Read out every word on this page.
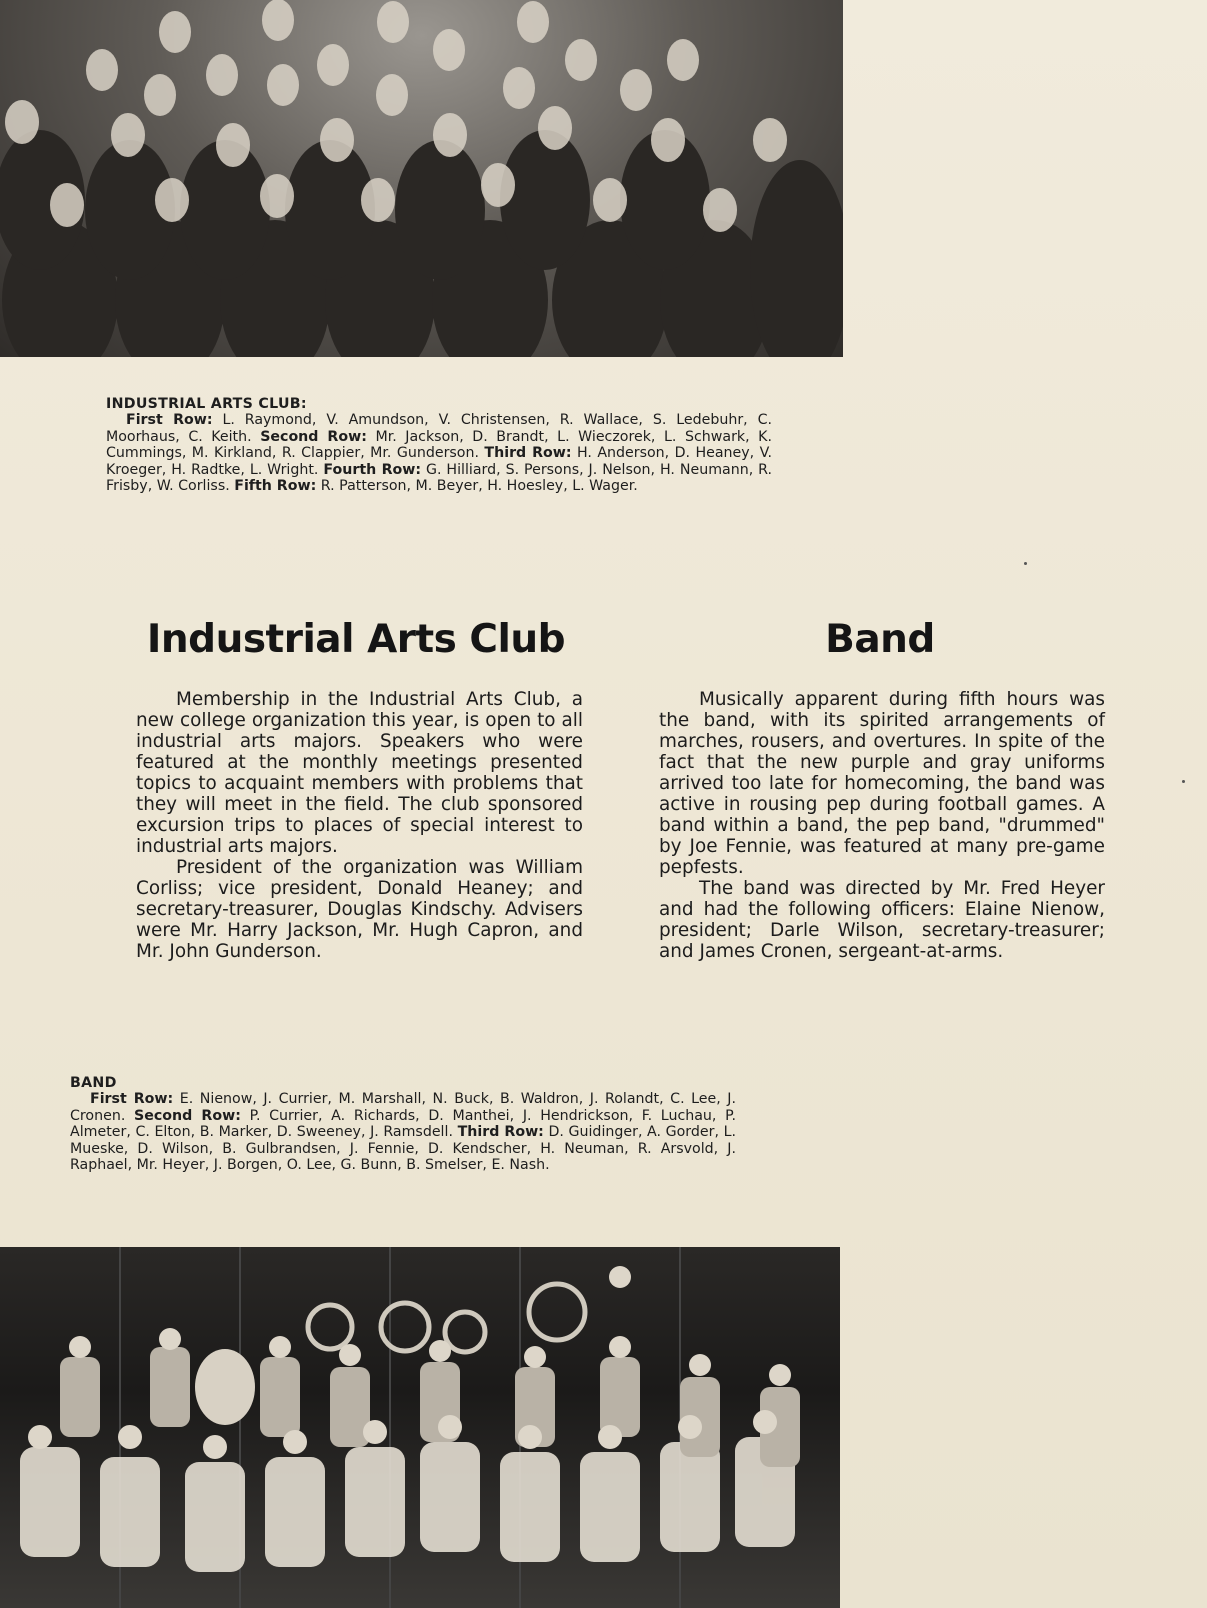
INDUSTRIAL ARTS CLUB:
First Row: L. Raymond, V. Amundson, V. Christensen, R. Wallace, S. Ledebuhr, C. Moorhaus, C. Keith. Second Row: Mr. Jackson, D. Brandt, L. Wieczorek, L. Schwark, K. Cummings, M. Kirkland, R. Clappier, Mr. Gunderson. Third Row: H. Anderson, D. Heaney, V. Kroeger, H. Radtke, L. Wright. Fourth Row: G. Hilliard, S. Persons, J. Nelson, H. Neumann, R. Frisby, W. Corliss. Fifth Row: R. Patterson, M. Beyer, H. Hoesley, L. Wager.
Industrial Arts Club	Band

Membership in the Industrial Arts Club, a new college organization this year, is open to all industrial arts majors. Speakers who were featured at the monthly meetings presented topics to acquaint members with problems that they will meet in the field. The club sponsored excursion trips to places of special interest to industrial arts majors.

President of the organization was William Corliss; vice president, Donald Heaney; and secretary-treasurer, Douglas Kindschy. Advisers were Mr. Harry Jackson, Mr. Hugh Capron, and Mr. John Gunderson.

Musically apparent during fifth hours was the band, with its spirited arrangements of marches, rousers, and overtures. In spite of the fact that the new purple and gray uniforms arrived too late for homecoming, the band was active in rousing pep during football games. A band within a band, the pep band, "drummed" by Joe Fennie, was featured at many pre-game pepfests.

The band was directed by Mr. Fred Heyer and had the following officers: Elaine Nienow, president; Darle Wilson, secretary-treasurer; and James Cronen, sergeant-at-arms.

BAND
First Row: E. Nienow, J. Currier, M. Marshall, N. Buck, B. Waldron, J. Rolandt, C. Lee, J. Cronen. Second Row: P. Currier, A. Richards, D. Manthei, J. Hendrickson, F. Luchau, P. Almeter, C. Elton, B. Marker, D. Sweeney, J. Ramsdell. Third Row: D. Guidinger, A. Gorder, L. Mueske, D. Wilson, B. Gulbrandsen, J. Fennie, D. Kendscher, H. Neuman, R. Arsvold, J. Raphael, Mr. Heyer, J. Borgen, O. Lee, G. Bunn, B. Smelser, E. Nash.
